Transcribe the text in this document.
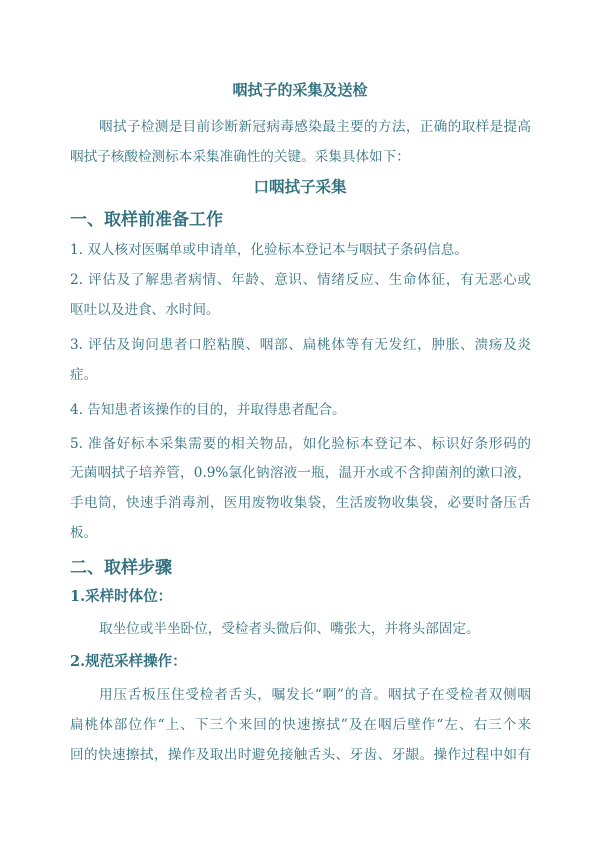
咽拭子的采集及送检
咽拭子检测是目前诊断新冠病毒感染最主要的方法，正确的取样是提高
咽拭子核酸检测标本采集准确性的关键。采集具体如下：
口咽拭子采集
一、取样前准备工作
1. 双人核对医嘱单或申请单，化验标本登记本与咽拭子条码信息。
2. 评估及了解患者病情、年龄、意识、情绪反应、生命体征，有无恶心或
呕吐以及进食、水时间。
3. 评估及询问患者口腔粘膜、咽部、扁桃体等有无发红，肿胀、溃疡及炎
症。
4. 告知患者该操作的目的，并取得患者配合。
5. 准备好标本采集需要的相关物品，如化验标本登记本、标识好条形码的
无菌咽拭子培养管，0.9%氯化钠溶液一瓶，温开水或不含抑菌剂的漱口液，
手电筒，快速手消毒剂，医用废物收集袋，生活废物收集袋，必要时备压舌
板。
二、取样步骤
1.采样时体位：
取坐位或半坐卧位，受检者头微后仰、嘴张大，并将头部固定。
2.规范采样操作：
用压舌板压住受检者舌头，嘱发长“啊”的音。咽拭子在受检者双侧咽
扁桃体部位作“上、下三个来回的快速擦拭”及在咽后壁作“左、右三个来
回的快速擦拭，操作及取出时避免接触舌头、牙齿、牙龈。操作过程中如有
